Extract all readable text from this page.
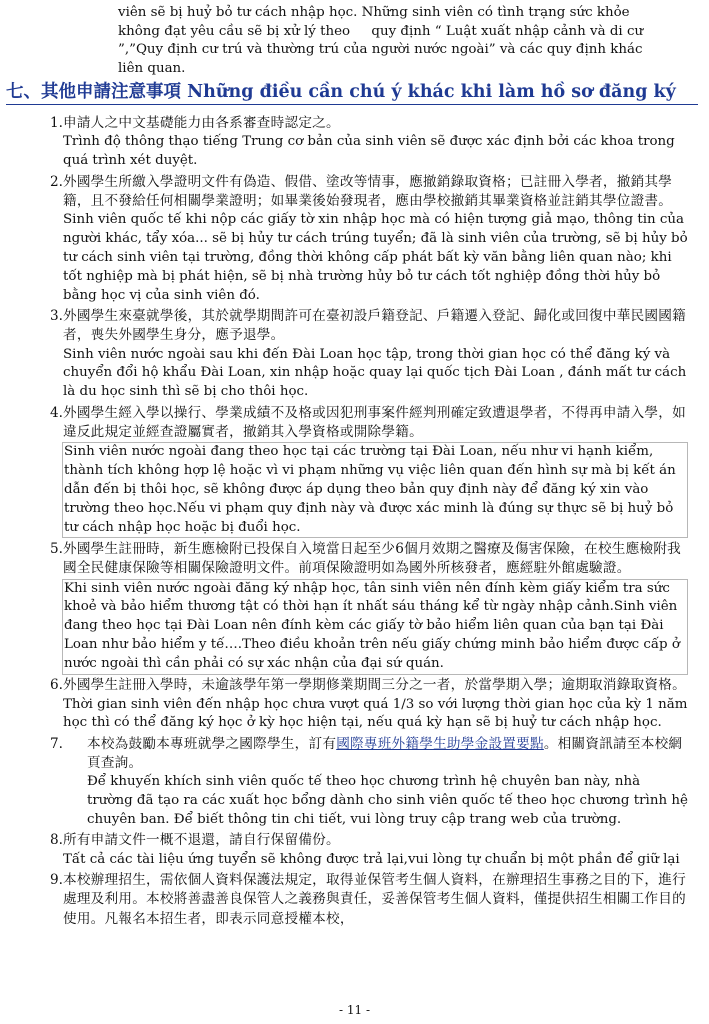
viên sẽ bị huỷ bỏ tư cách nhập học. Những sinh viên có tình trạng sức khỏe

không đạt yêu cầu sẽ bị xử lý theo     quy định “ Luật xuất nhập cảnh và di cư

”,”Quy định cư trú và thường trú của người nước ngoài” và các quy định khác

liên quan.

七、其他申請注意事項 Những điều cần chú ý khác khi làm hồ sơ đăng ký
1. 申請人之中文基礎能力由各系審查時認定之。

Trình độ thông thạo tiếng Trung cơ bản của sinh viên sẽ được xác định bởi các khoa trong quá trình xét duyệt.

2. 外國學生所繳入學證明文件有偽造、假借、塗改等情事，應撤銷錄取資格；已註冊入學者，撤銷其學籍，且不發給任何相關學業證明；如畢業後始發現者，應由學校撤銷其畢業資格並註銷其學位證書。

Sinh viên quốc tế khi nộp các giấy tờ xin nhập học mà có hiện tượng giả mạo, thông tin của người khác, tẩy xóa... sẽ bị hủy tư cách trúng tuyển; đã là sinh viên của trường, sẽ bị hủy bỏ tư cách sinh viên tại trường, đồng thời không cấp phát bất kỳ văn bằng liên quan nào; khi tốt nghiệp mà bị phát hiện, sẽ bị nhà trường hủy bỏ tư cách tốt nghiệp đồng thời hủy bỏ bằng học vị của sinh viên đó.

3. 外國學生來臺就學後，其於就學期間許可在臺初設戶籍登記、戶籍遷入登記、歸化或回復中華民國國籍者，喪失外國學生身分，應予退學。

Sinh viên nước ngoài sau khi đến Đài Loan học tập, trong thời gian học có thể đăng ký và chuyển đổi hộ khẩu Đài Loan, xin nhập hoặc quay lại quốc tịch Đài Loan , đánh mất tư cách là du học sinh thì sẽ bị cho thôi học.

4. 外國學生經入學以操行、學業成績不及格或因犯刑事案件經判刑確定致遭退學者，不得再申請入學，如違反此規定並經查證屬實者，撤銷其入學資格或開除學籍。

Sinh viên nước ngoài đang theo học tại các trường tại Đài Loan, nếu như vi hạnh kiểm, thành tích không hợp lệ hoặc vì vi phạm những vụ việc liên quan đến hình sự mà bị kết án dẫn đến bị thôi học, sẽ không được áp dụng theo bản quy định này để đăng ký xin vào trường theo học.Nếu vi phạm quy định này và được xác minh là đúng sự thực sẽ bị huỷ bỏ tư cách nhập học hoặc bị đuổi học.

5. 外國學生註冊時，新生應檢附已投保自入境當日起至少6個月效期之醫療及傷害保險，在校生應檢附我國全民健康保險等相關保險證明文件。前項保險證明如為國外所核發者，應經駐外館處驗證。

Khi sinh viên nước ngoài đăng ký nhập học, tân sinh viên nên đính kèm giấy kiểm tra sức khoẻ và bảo hiểm thương tật có thời hạn ít nhất sáu tháng kể từ ngày nhập cảnh.Sinh viên đang theo học tại Đài Loan nên đính kèm các giấy tờ bảo hiểm liên quan của bạn tại Đài Loan như bảo hiểm y tế….Theo điều khoản trên nếu giấy chứng minh bảo hiểm được cấp ở nước ngoài thì cần phải có sự xác nhận của đại sứ quán.

6. 外國學生註冊入學時，未逾該學年第一學期修業期間三分之一者，於當學期入學；逾期取消錄取資格。

Thời gian sinh viên đến nhập học chưa vượt quá 1/3 so với lượng thời gian học của kỳ 1 năm học thì có thể đăng ký học ở kỳ học hiện tại, nếu quá kỳ hạn sẽ bị huỷ tư cách nhập học.

7. 本校為鼓勵本專班就學之國際學生，訂有國際專班外籍學生助學金設置要點。相關資訊請至本校網頁查詢。

Để khuyến khích sinh viên quốc tế theo học chương trình hệ chuyên ban này, nhà trường đã tạo ra các xuất học bổng dành cho sinh viên quốc tế theo học chương trình hệ chuyên ban. Để biết thông tin chi tiết, vui lòng truy cập trang web của trường.

8. 所有申請文件一概不退還，請自行保留備份。

Tất cả các tài liệu ứng tuyển sẽ không được trả lại,vui lòng tự chuẩn bị một phần để giữ lại

9. 本校辦理招生，需依個人資料保護法規定，取得並保管考生個人資料，在辦理招生事務之目的下，進行處理及利用。本校將善盡善良保管人之義務與責任，妥善保管考生個人資料，僅提供招生相關工作目的使用。凡報名本招生者，即表示同意授權本校，

- 11 -
